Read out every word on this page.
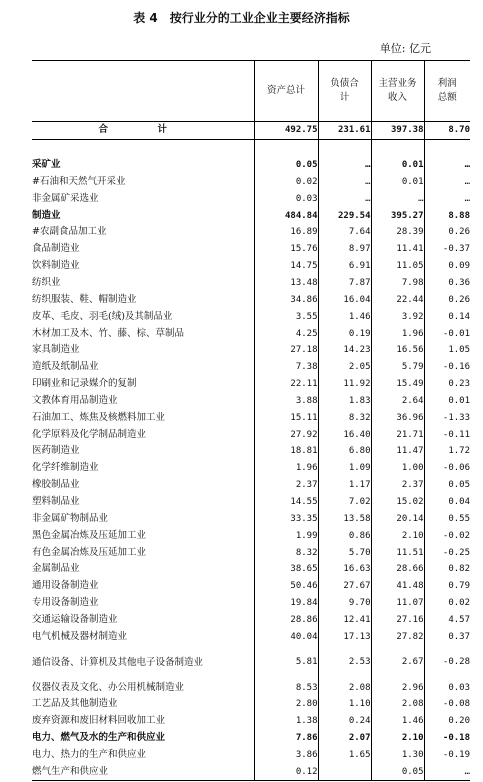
表 4　按行业分的工业企业主要经济指标
单位: 亿元
	资产总计	负债合计	主营业务收入	利润总额
合　计	492.75	231.61	397.38	8.70

采矿业	0.05	…	0.01	…
#石油和天然气开采业	0.02	…	0.01	…
非金属矿采选业	0.03	…	…	…
制造业	484.84	229.54	395.27	8.88
#农副食品加工业	16.89	7.64	28.39	0.26
食品制造业	15.76	8.97	11.41	-0.37
饮料制造业	14.75	6.91	11.05	0.09
纺织业	13.48	7.87	7.98	0.36
纺织服装、鞋、帽制造业	34.86	16.04	22.44	0.26
皮革、毛皮、羽毛(绒)及其制品业	3.55	1.46	3.92	0.14
木材加工及木、竹、藤、棕、草制品	4.25	0.19	1.96	-0.01
家具制造业	27.18	14.23	16.56	1.05
造纸及纸制品业	7.38	2.05	5.79	-0.16
印刷业和记录媒介的复制	22.11	11.92	15.49	0.23
文教体育用品制造业	3.88	1.83	2.64	0.01
石油加工、炼焦及核燃料加工业	15.11	8.32	36.96	-1.33
化学原料及化学制品制造业	27.92	16.40	21.71	-0.11
医药制造业	18.81	6.80	11.47	1.72
化学纤维制造业	1.96	1.09	1.00	-0.06
橡胶制品业	2.37	1.17	2.37	0.05
塑料制品业	14.55	7.02	15.02	0.04
非金属矿物制品业	33.35	13.58	20.14	0.55
黑色金属冶炼及压延加工业	1.99	0.86	2.10	-0.02
有色金属冶炼及压延加工业	8.32	5.70	11.51	-0.25
金属制品业	38.65	16.63	28.66	0.82
通用设备制造业	50.46	27.67	41.48	0.79
专用设备制造业	19.84	9.70	11.07	0.02
交通运输设备制造业	28.86	12.41	27.16	4.57
电气机械及器材制造业	40.04	17.13	27.82	0.37
通信设备、计算机及其他电子设备制造业	5.81	2.53	2.67	-0.28
仪器仪表及文化、办公用机械制造业	8.53	2.08	2.96	0.03
工艺品及其他制造业	2.80	1.10	2.08	-0.08
废弃资源和废旧材料回收加工业	1.38	0.24	1.46	0.20
电力、燃气及水的生产和供应业	7.86	2.07	2.10	-0.18
电力、热力的生产和供应业	3.86	1.65	1.30	-0.19
燃气生产和供应业	0.12		0.05	…
